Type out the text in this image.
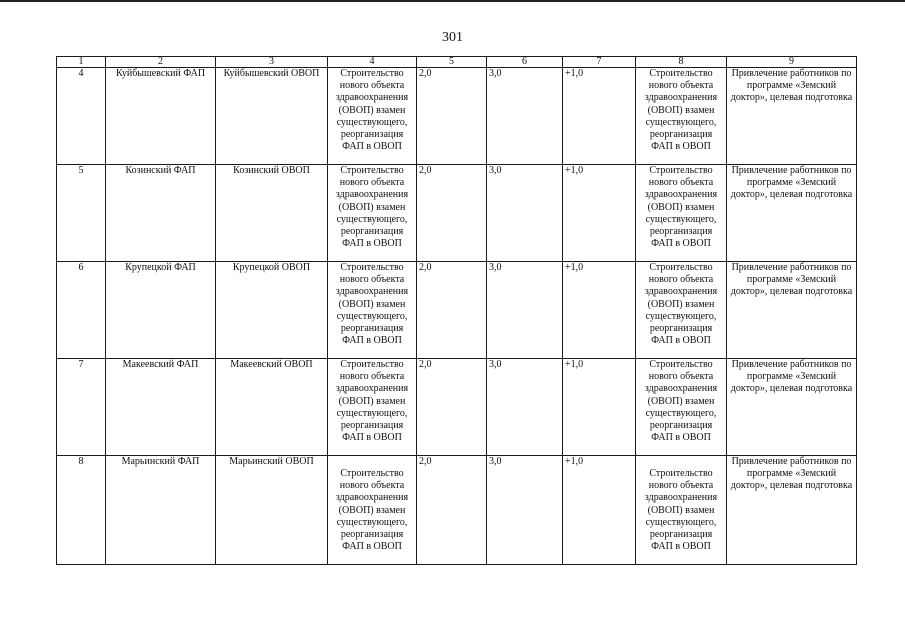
301
1	2	3	4	5	6	7	8	9
4	Куйбышевский ФАП	Куйбышевский ОВОП	Строительство нового объекта здравоохранения (ОВОП) взамен существующего, реорганизация ФАП в ОВОП	2,0	3,0	+1,0	Строительство нового объекта здравоохранения (ОВОП) взамен существующего, реорганизация ФАП в ОВОП	Привлечение работников по программе «Земский доктор», целевая подготовка
5	Козинский ФАП	Козинский ОВОП	Строительство нового объекта здравоохранения (ОВОП) взамен существующего, реорганизация ФАП в ОВОП	2,0	3,0	+1,0	Строительство нового объекта здравоохранения (ОВОП) взамен существующего, реорганизация ФАП в ОВОП	Привлечение работников по программе «Земский доктор», целевая подготовка
6	Крупецкой ФАП	Крупецкой ОВОП	Строительство нового объекта здравоохранения (ОВОП) взамен существующего, реорганизация ФАП в ОВОП	2,0	3,0	+1,0	Строительство нового объекта здравоохранения (ОВОП) взамен существующего, реорганизация ФАП в ОВОП	Привлечение работников по программе «Земский доктор», целевая подготовка
7	Макеевский ФАП	Макеевский ОВОП	Строительство нового объекта здравоохранения (ОВОП) взамен существующего, реорганизация ФАП в ОВОП	2,0	3,0	+1,0	Строительство нового объекта здравоохранения (ОВОП) взамен существующего, реорганизация ФАП в ОВОП	Привлечение работников по программе «Земский доктор», целевая подготовка
8	Марьинский ФАП	Марьинский ОВОП	Строительство нового объекта здравоохранения (ОВОП) взамен существующего, реорганизация ФАП в ОВОП	2,0	3,0	+1,0	Строительство нового объекта здравоохранения (ОВОП) взамен существующего, реорганизация ФАП в ОВОП	Привлечение работников по программе «Земский доктор», целевая подготовка
